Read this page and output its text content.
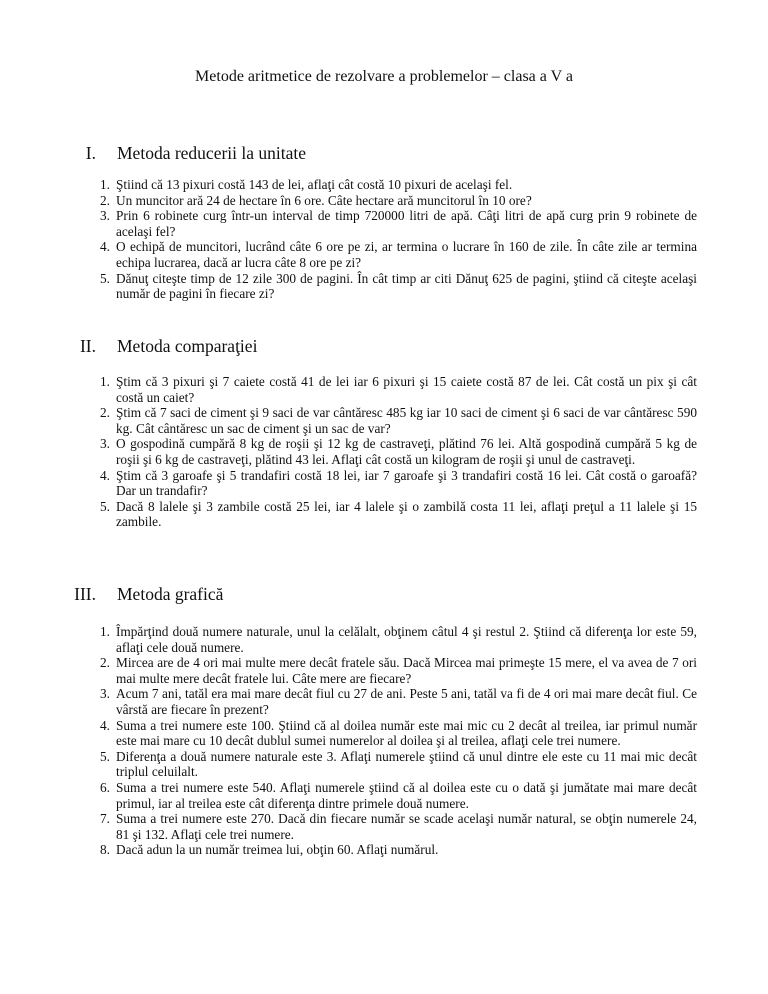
Metode aritmetice de rezolvare a problemelor – clasa a V a
I. Metoda reducerii la unitate
1. Ştiind că 13 pixuri costă 143 de lei, aflaţi cât costă 10 pixuri de acelaşi fel.
2. Un muncitor ară 24 de hectare în 6 ore. Câte hectare ară muncitorul în 10 ore?
3. Prin 6 robinete curg într-un interval de timp 720000 litri de apă. Câţi litri de apă curg prin 9 robinete de acelaşi fel?
4. O echipă de muncitori, lucrând câte 6 ore pe zi, ar termina o lucrare în 160 de zile. În câte zile ar termina echipa lucrarea, dacă ar lucra câte 8 ore pe zi?
5. Dănuţ citeşte timp de 12 zile 300 de pagini. În cât timp ar citi Dănuţ 625 de pagini, ştiind că citeşte acelaşi număr de pagini în fiecare zi?
II. Metoda comparaţiei
1. Ştim că 3 pixuri şi 7 caiete costă 41 de lei iar 6 pixuri şi 15 caiete costă 87 de lei. Cât costă un pix şi cât costă un caiet?
2. Ştim că 7 saci de ciment şi 9 saci de var cântăresc 485 kg iar 10 saci de ciment şi 6 saci de var cântăresc 590 kg. Cât cântăresc un sac de ciment şi un sac de var?
3. O gospodină cumpără 8 kg de roşii şi 12 kg de castraveţi, plătind 76 lei. Altă gospodină cumpără 5 kg de roşii şi 6 kg de castraveţi, plătind 43 lei. Aflaţi cât costă un kilogram de roşii şi unul de castraveţi.
4. Ştim că 3 garoafe şi 5 trandafiri costă 18 lei, iar 7 garoafe şi 3 trandafiri costă 16 lei. Cât costă o garoafă? Dar un trandafir?
5. Dacă 8 lalele şi 3 zambile costă 25 lei, iar 4 lalele şi o zambilă costa 11 lei, aflaţi preţul a 11 lalele şi 15 zambile.
III. Metoda grafică
1. Împărţind două numere naturale, unul la celălalt, obţinem câtul 4 şi restul 2. Ştiind că diferenţa lor este 59, aflaţi cele două numere.
2. Mircea are de 4 ori mai multe mere decât fratele său. Dacă Mircea mai primeşte 15 mere, el va avea de 7 ori mai multe mere decât fratele lui. Câte mere are fiecare?
3. Acum 7 ani, tatăl era mai mare decât fiul cu 27 de ani. Peste 5 ani, tatăl va fi de 4 ori mai mare decât fiul. Ce vârstă are fiecare în prezent?
4. Suma a trei numere este 100. Ştiind că al doilea număr este mai mic cu 2 decât al treilea, iar primul număr este mai mare cu 10 decât dublul sumei numerelor al doilea şi al treilea, aflaţi cele trei numere.
5. Diferenţa a două numere naturale este 3. Aflaţi numerele ştiind că unul dintre ele este cu 11 mai mic decât triplul celuilalt.
6. Suma a trei numere este 540. Aflaţi numerele ştiind că al doilea este cu o dată şi jumătate mai mare decât primul, iar al treilea este cât diferenţa dintre primele două numere.
7. Suma a trei numere este 270. Dacă din fiecare număr se scade acelaşi număr natural, se obţin numerele 24, 81 şi 132. Aflaţi cele trei numere.
8. Dacă adun la un număr treimea lui, obţin 60. Aflaţi numărul.
